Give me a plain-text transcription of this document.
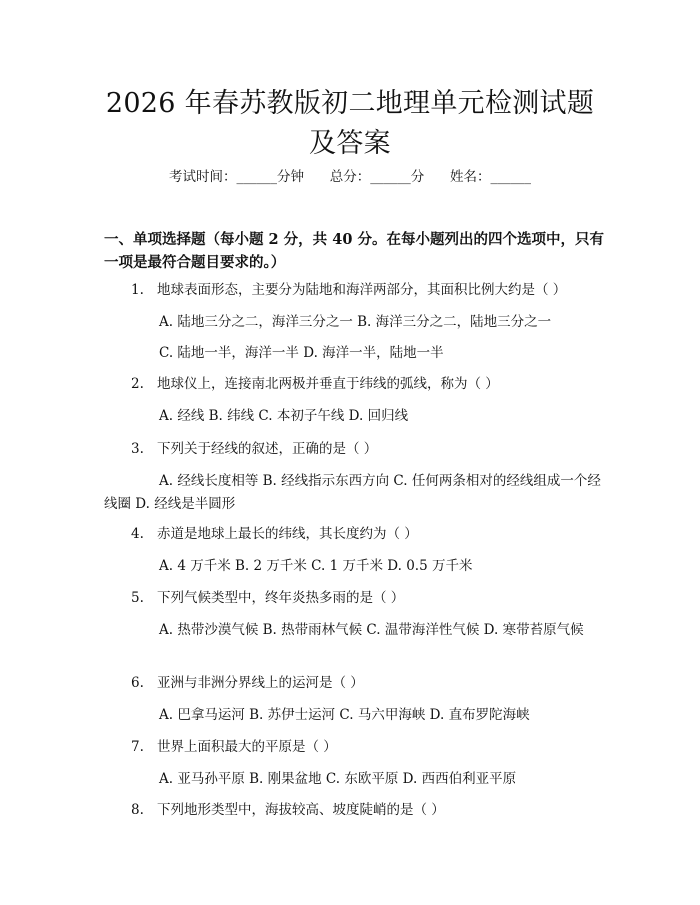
2026 年春苏教版初二地理单元检测试题及答案
考试时间：______分钟      总分：______分      姓名：______
一、单项选择题（每小题 2 分，共 40 分。在每小题列出的四个选项中，只有一项是最符合题目要求的。）
1. 地球表面形态，主要分为陆地和海洋两部分，其面积比例大约是（ ）
A. 陆地三分之二，海洋三分之一 B. 海洋三分之二，陆地三分之一
C. 陆地一半，海洋一半 D. 海洋一半，陆地一半
2. 地球仪上，连接南北两极并垂直于纬线的弧线，称为（ ）
A. 经线 B. 纬线 C. 本初子午线 D. 回归线
3. 下列关于经线的叙述，正确的是（ ）
A. 经线长度相等 B. 经线指示东西方向 C. 任何两条相对的经线组成一个经线圈 D. 经线是半圆形
4. 赤道是地球上最长的纬线，其长度约为（ ）
A. 4 万千米 B. 2 万千米 C. 1 万千米 D. 0.5 万千米
5. 下列气候类型中，终年炎热多雨的是（ ）
A. 热带沙漠气候 B. 热带雨林气候 C. 温带海洋性气候 D. 寒带苔原气候
6. 亚洲与非洲分界线上的运河是（ ）
A. 巴拿马运河 B. 苏伊士运河 C. 马六甲海峡 D. 直布罗陀海峡
7. 世界上面积最大的平原是（ ）
A. 亚马孙平原 B. 刚果盆地 C. 东欧平原 D. 西西伯利亚平原
8. 下列地形类型中，海拔较高、坡度陡峭的是（ ）
